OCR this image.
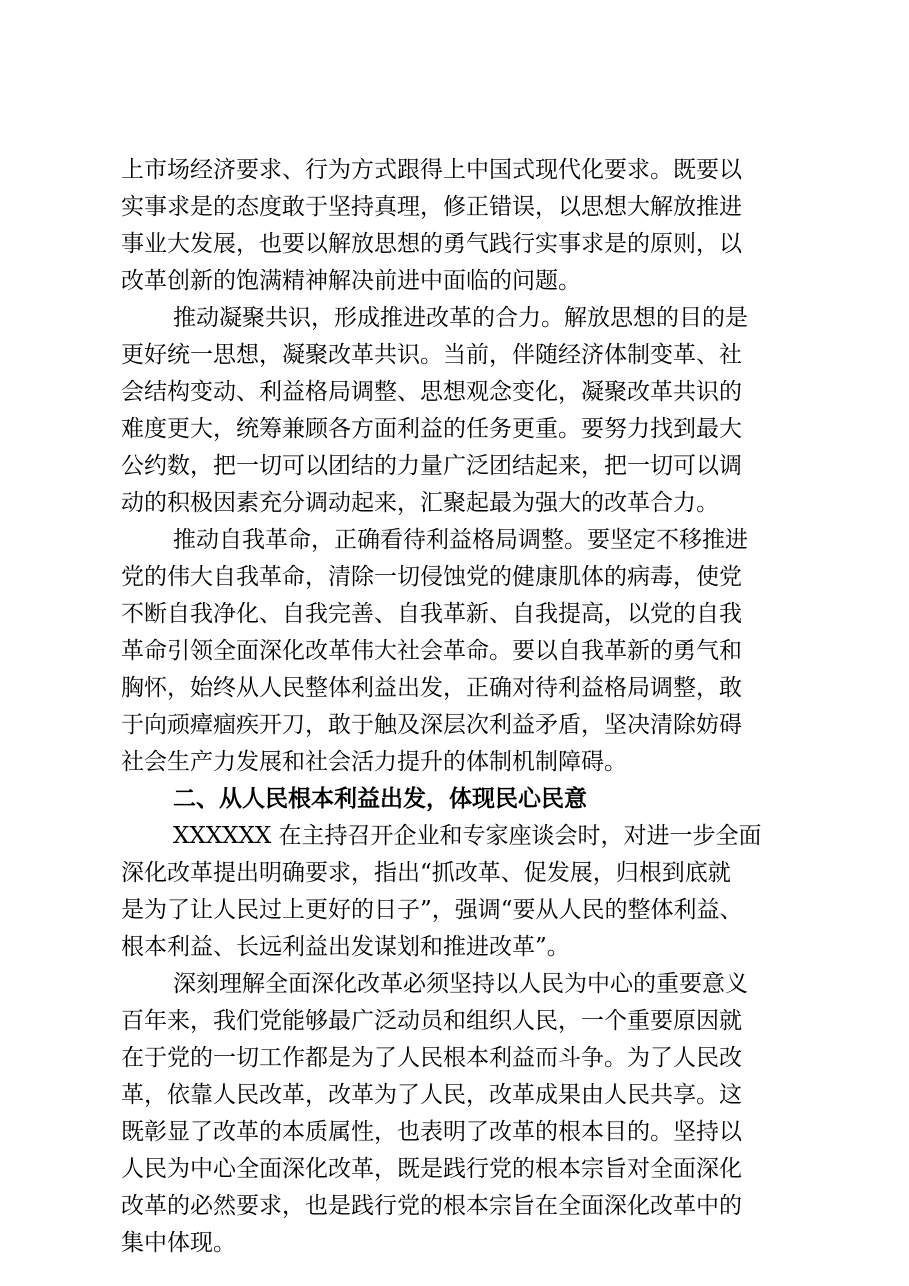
上市场经济要求、行为方式跟得上中国式现代化要求。既要以
实事求是的态度敢于坚持真理，修正错误，以思想大解放推进
事业大发展，也要以解放思想的勇气践行实事求是的原则，以
改革创新的饱满精神解决前进中面临的问题。
推动凝聚共识，形成推进改革的合力。解放思想的目的是
更好统一思想，凝聚改革共识。当前，伴随经济体制变革、社
会结构变动、利益格局调整、思想观念变化，凝聚改革共识的
难度更大，统筹兼顾各方面利益的任务更重。要努力找到最大
公约数，把一切可以团结的力量广泛团结起来，把一切可以调
动的积极因素充分调动起来，汇聚起最为强大的改革合力。
推动自我革命，正确看待利益格局调整。要坚定不移推进
党的伟大自我革命，清除一切侵蚀党的健康肌体的病毒，使党
不断自我净化、自我完善、自我革新、自我提高，以党的自我
革命引领全面深化改革伟大社会革命。要以自我革新的勇气和
胸怀，始终从人民整体利益出发，正确对待利益格局调整，敢
于向顽瘴痼疾开刀，敢于触及深层次利益矛盾，坚决清除妨碍
社会生产力发展和社会活力提升的体制机制障碍。
二、从人民根本利益出发，体现民心民意
XXXXXX 在主持召开企业和专家座谈会时，对进一步全面
深化改革提出明确要求，指出“抓改革、促发展，归根到底就
是为了让人民过上更好的日子”，强调“要从人民的整体利益、
根本利益、长远利益出发谋划和推进改革”。
深刻理解全面深化改革必须坚持以人民为中心的重要意义
百年来，我们党能够最广泛动员和组织人民，一个重要原因就
在于党的一切工作都是为了人民根本利益而斗争。为了人民改
革，依靠人民改革，改革为了人民，改革成果由人民共享。这
既彰显了改革的本质属性，也表明了改革的根本目的。坚持以
人民为中心全面深化改革，既是践行党的根本宗旨对全面深化
改革的必然要求，也是践行党的根本宗旨在全面深化改革中的
集中体现。
